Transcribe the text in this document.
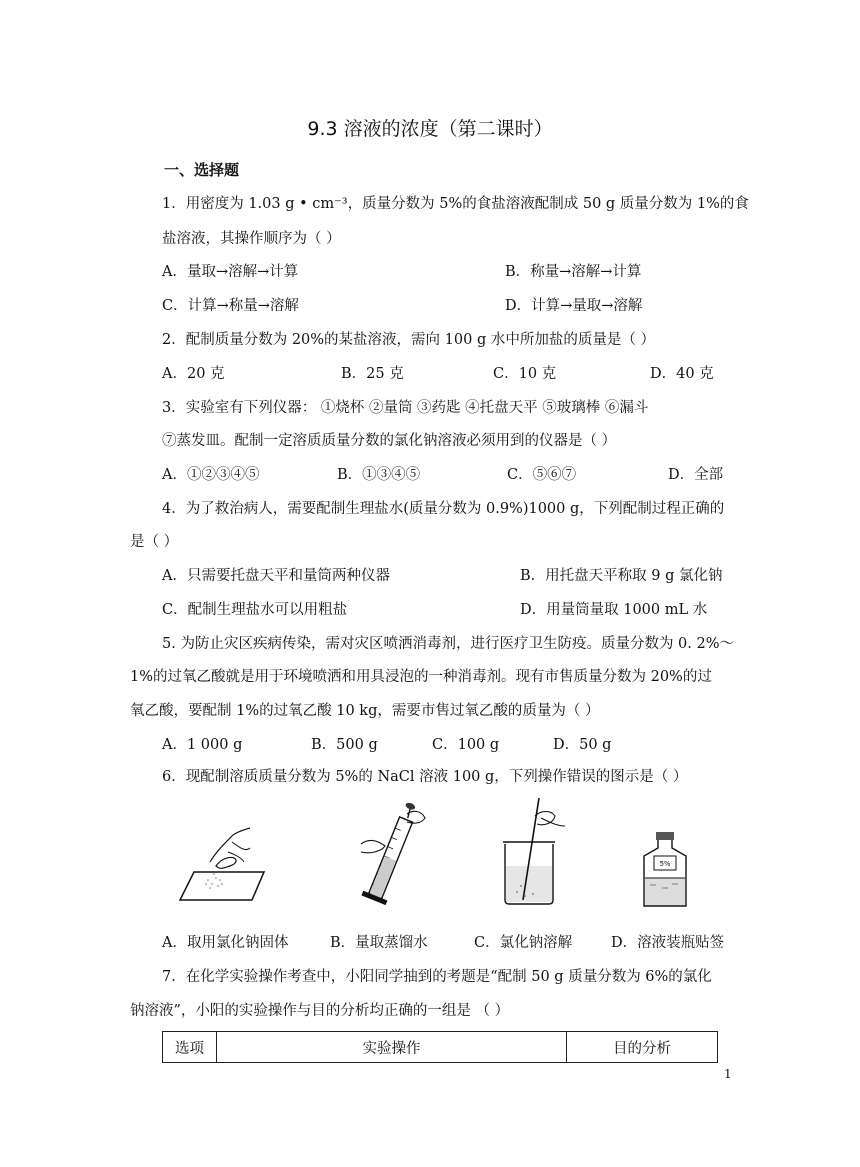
9.3 溶液的浓度（第二课时）
一、选择题
1．用密度为 1.03 g • cm⁻³，质量分数为 5%的食盐溶液配制成 50 g 质量分数为 1%的食
盐溶液，其操作顺序为（ ）
A．量取→溶解→计算	B．称量→溶解→计算
C．计算→称量→溶解	D．计算→量取→溶解
2．配制质量分数为 20%的某盐溶液，需向 100 g 水中所加盐的质量是（ ）
A．20 克	B．25 克	C．10 克	D．40 克
3．实验室有下列仪器： ①烧杯 ②量筒 ③药匙 ④托盘天平 ⑤玻璃棒 ⑥漏斗
⑦蒸发皿。配制一定溶质质量分数的氯化钠溶液必须用到的仪器是（ ）
A．①②③④⑤	B．①③④⑤	C．⑤⑥⑦	D．全部
4．为了救治病人，需要配制生理盐水(质量分数为 0.9%)1000 g，下列配制过程正确的
是（ ）
A．只需要托盘天平和量筒两种仪器	B．用托盘天平称取 9 g 氯化钠
C．配制生理盐水可以用粗盐	D．用量筒量取 1000 mL 水
5. 为防止灾区疾病传染，需对灾区喷洒消毒剂，进行医疗卫生防疫。质量分数为 0. 2%～
1%的过氧乙酸就是用于环境喷洒和用具浸泡的一种消毒剂。现有市售质量分数为 20%的过
氧乙酸，要配制 1%的过氧乙酸 10 kg，需要市售过氧乙酸的质量为（ ）
A．1 000 g	B．500 g	C．100 g	D．50 g
6．现配制溶质质量分数为 5%的 NaCl 溶液 100 g，下列操作错误的图示是（ ）
5%
A．取用氯化钠固体	B．量取蒸馏水	C．氯化钠溶解	D．溶液装瓶贴签
7．在化学实验操作考查中，小阳同学抽到的考题是“配制 50 g 质量分数为 6%的氯化
钠溶液”，小阳的实验操作与目的分析均正确的一组是 （ ）
选项	实验操作	目的分析
1
